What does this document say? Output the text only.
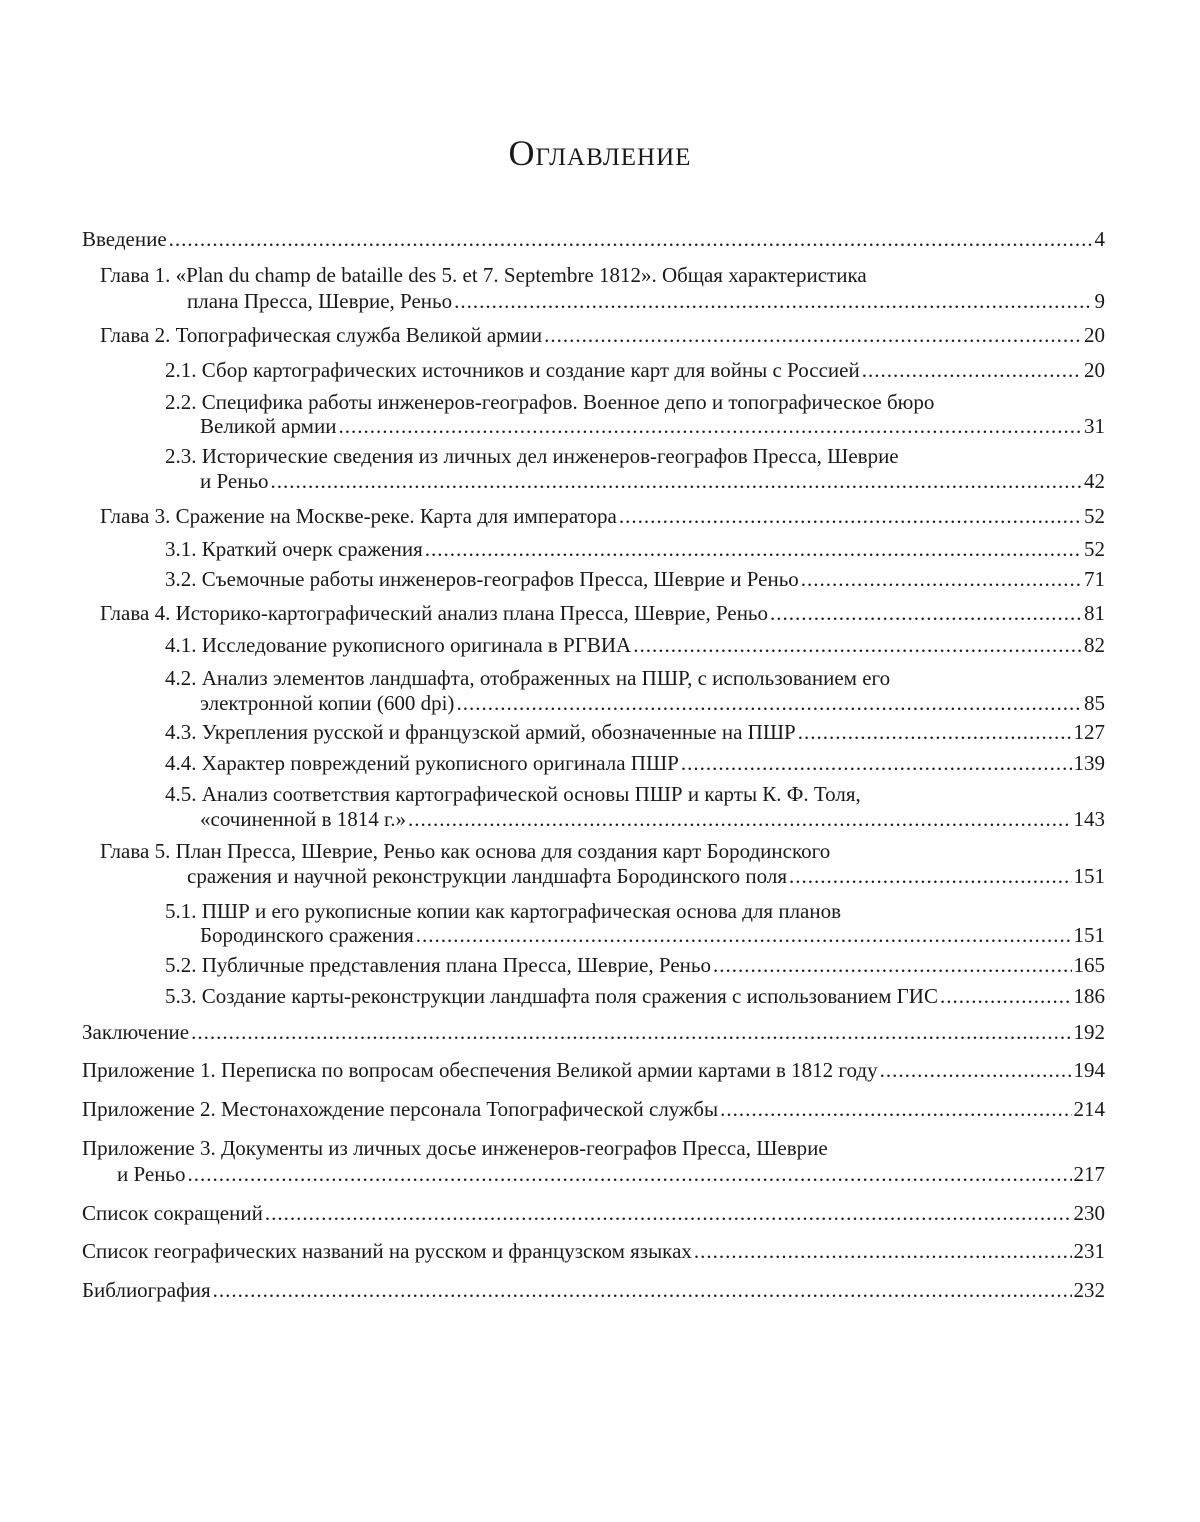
Оглавление
Введение .....	4
Глава 1. «Plan du champ de bataille des 5. et 7. Septembre 1812». Общая характеристика
плана Пресса, Шеврие, Реньо .....	9
Глава 2. Топографическая служба Великой армии .....	20
2.1. Сбор картографических источников и создание карт для войны с Россией .....	20
2.2. Специфика работы инженеров-географов. Военное депо и топографическое бюро
Великой армии .....	31
2.3. Исторические сведения из личных дел инженеров-географов Пресса, Шеврие
и Реньо .....	42
Глава 3. Сражение на Москве-реке. Карта для императора .....	52
3.1. Краткий очерк сражения .....	52
3.2. Съемочные работы инженеров-географов Пресса, Шеврие и Реньо .....	71
Глава 4. Историко-картографический анализ плана Пресса, Шеврие, Реньо .....	81
4.1. Исследование рукописного оригинала в РГВИА .....	82
4.2. Анализ элементов ландшафта, отображенных на ПШР, с использованием его
электронной копии (600 dpi) .....	85
4.3. Укрепления русской и французской армий, обозначенные на ПШР .....	127
4.4. Характер повреждений рукописного оригинала ПШР .....	139
4.5. Анализ соответствия картографической основы ПШР и карты К. Ф. Толя,
«сочиненной в 1814 г.» .....	143
Глава 5. План Пресса, Шеврие, Реньо как основа для создания карт Бородинского
сражения и научной реконструкции ландшафта Бородинского поля .....	151
5.1. ПШР и его рукописные копии как картографическая основа для планов
Бородинского сражения .....	151
5.2. Публичные представления плана Пресса, Шеврие, Реньо .....	165
5.3. Создание карты-реконструкции ландшафта поля сражения с использованием ГИС .....	186
Заключение .....	192
Приложение 1. Переписка по вопросам обеспечения Великой армии картами в 1812 году .....	194
Приложение 2. Местонахождение персонала Топографической службы .....	214
Приложение 3. Документы из личных досье инженеров-географов Пресса, Шеврие
и Реньо .....	217
Список сокращений .....	230
Список географических названий на русском и французском языках .....	231
Библиография .....	232
